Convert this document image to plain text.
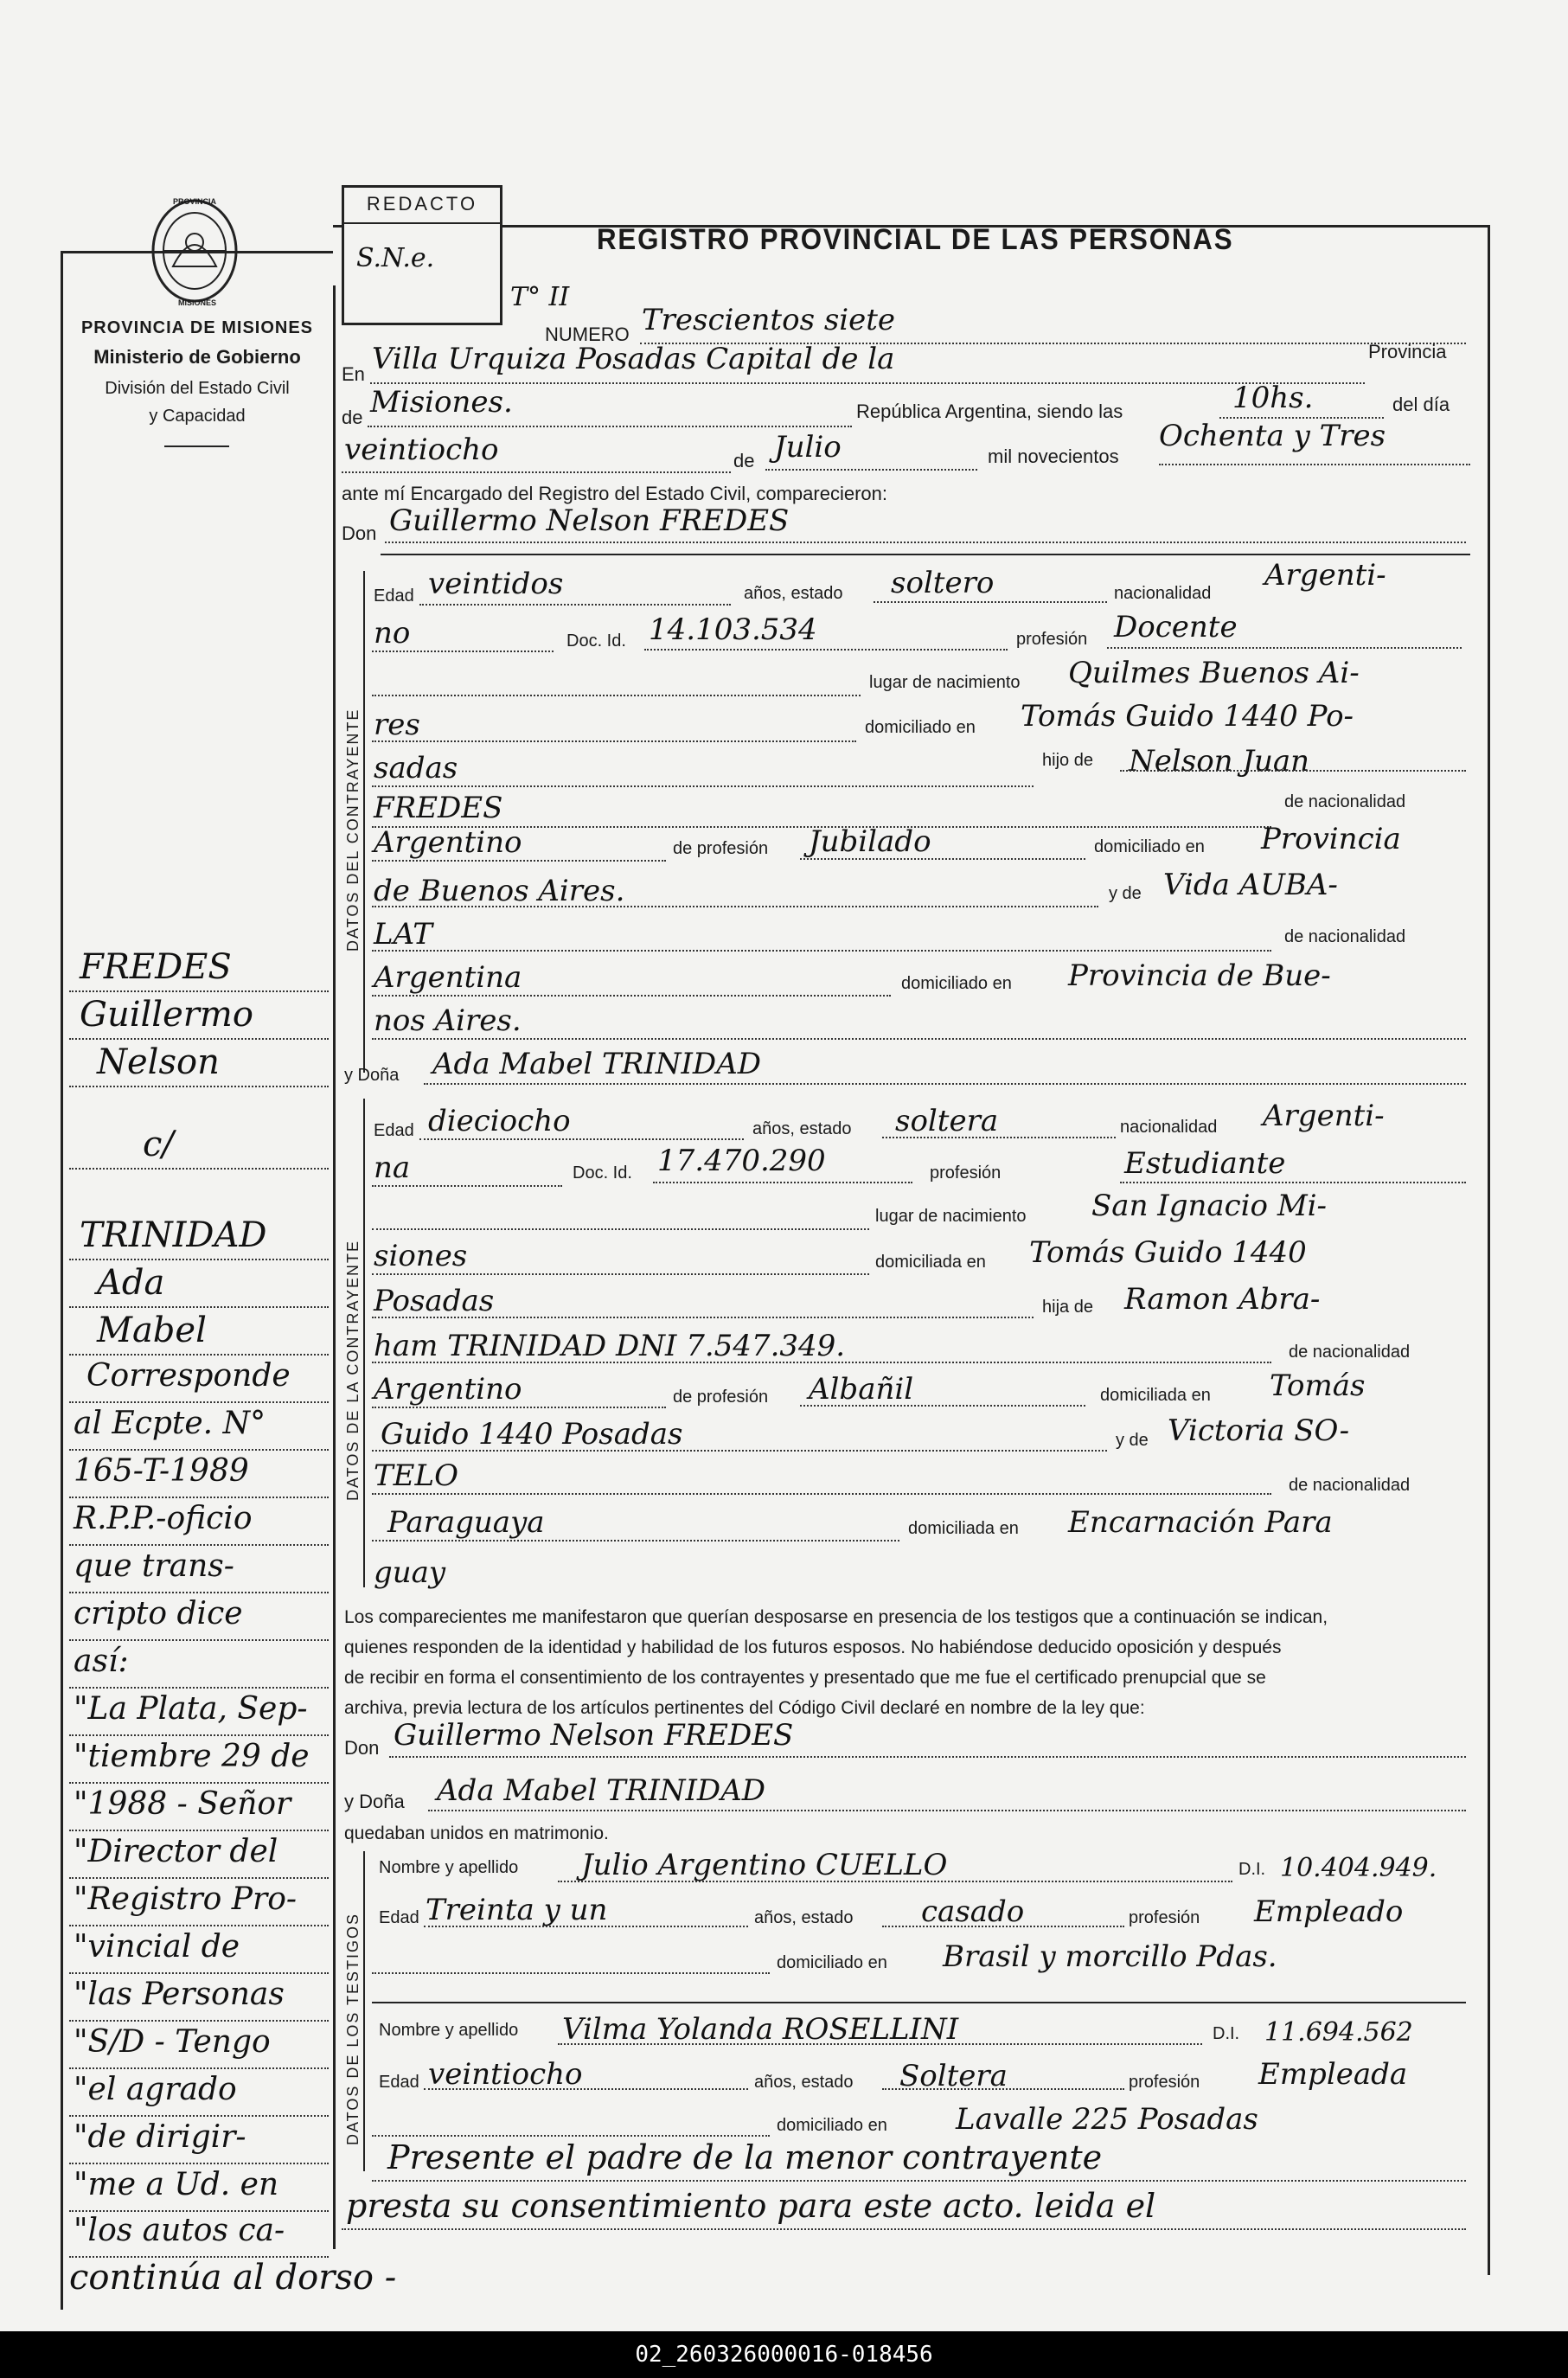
PROVINCIA
MISIONES
PROVINCIA DE MISIONES
Ministerio de Gobierno
División del Estado Civil
y Capacidad
REDACTO
S.N.e.
REGISTRO PROVINCIAL DE LAS PERSONAS
T° II
NUMERO Trescientos siete
En Villa Urquiza Posadas Capital de la	Provincia
de Misiones.	República Argentina, siendo las	10hs.	del día
veintiocho	de Julio	mil novecientos
Ochenta y Tres
ante mí Encargado del Registro del Estado Civil, comparecieron:
Don Guillermo Nelson FREDES
DATOS DEL CONTRAYENTE
Edad veintidos	años, estado soltero	nacionalidad
Argenti-
no	Doc. Id. 14.103.534	profesión Docente
lugar de nacimiento Quilmes Buenos Ai-
res	domiciliado en Tomás Guido 1440 Po-
sadas	hijo de Nelson Juan
FREDES	de nacionalidad
Argentino	de profesión Jubilado	domiciliado en Provincia
de Buenos Aires.	y de Vida AUBA-
LAT	de nacionalidad
Argentina	domiciliado en Provincia de Bue-
nos Aires.
y Doña Ada Mabel TRINIDAD
DATOS DE LA CONTRAYENTE
Edad dieciocho	años, estado soltera	nacionalidad Argenti-
na	Doc. Id. 17.470.290	profesión	Estudiante
lugar de nacimiento San Ignacio Mi-
siones	domiciliada en Tomás Guido 1440
Posadas	hija de Ramon Abra-
ham TRINIDAD DNI 7.547.349.	de nacionalidad
Argentino	de profesión Albañil	domiciliada en Tomás
Guido 1440 Posadas	y de Victoria SO-
TELO	de nacionalidad
Paraguaya	domiciliada en Encarnación Para
guay
Los comparecientes me manifestaron que querían desposarse en presencia de los testigos que a continuación se indican,
quienes responden de la identidad y habilidad de los futuros esposos. No habiéndose deducido oposición y después
de recibir en forma el consentimiento de los contrayentes y presentado que me fue el certificado prenupcial que se
archiva, previa lectura de los artículos pertinentes del Código Civil declaré en nombre de la ley que:
Don Guillermo Nelson FREDES
y Doña Ada Mabel TRINIDAD
quedaban unidos en matrimonio.
DATOS DE LOS TESTIGOS
Nombre y apellido Julio Argentino CUELLO	D.I. 10.404.949.
Edad Treinta y un	años, estado casado	profesión Empleado
domiciliado en Brasil y morcillo Pdas.
Nombre y apellido Vilma Yolanda ROSELLINI	D.I. 11.694.562
Edad veintiocho	años, estado Soltera	profesión Empleada
domiciliado en Lavalle 225 Posadas
Presente el padre de la menor contrayente
presta su consentimiento para este acto. leida el
FREDES
Guillermo
Nelson
c/
TRINIDAD
Ada
Mabel
Corresponde
al Ecpte. N°
165-T-1989
R.P.P.-oficio
que trans-
cripto dice
así:
"La Plata, Sep-
"tiembre 29 de
"1988 - Señor
"Director del
"Registro Pro-
"vincial de
"las Personas
"S/D - Tengo
"el agrado
"de dirigir-
"me a Ud. en
"los autos ca-
continúa al dorso -
02_260326000016-018456
